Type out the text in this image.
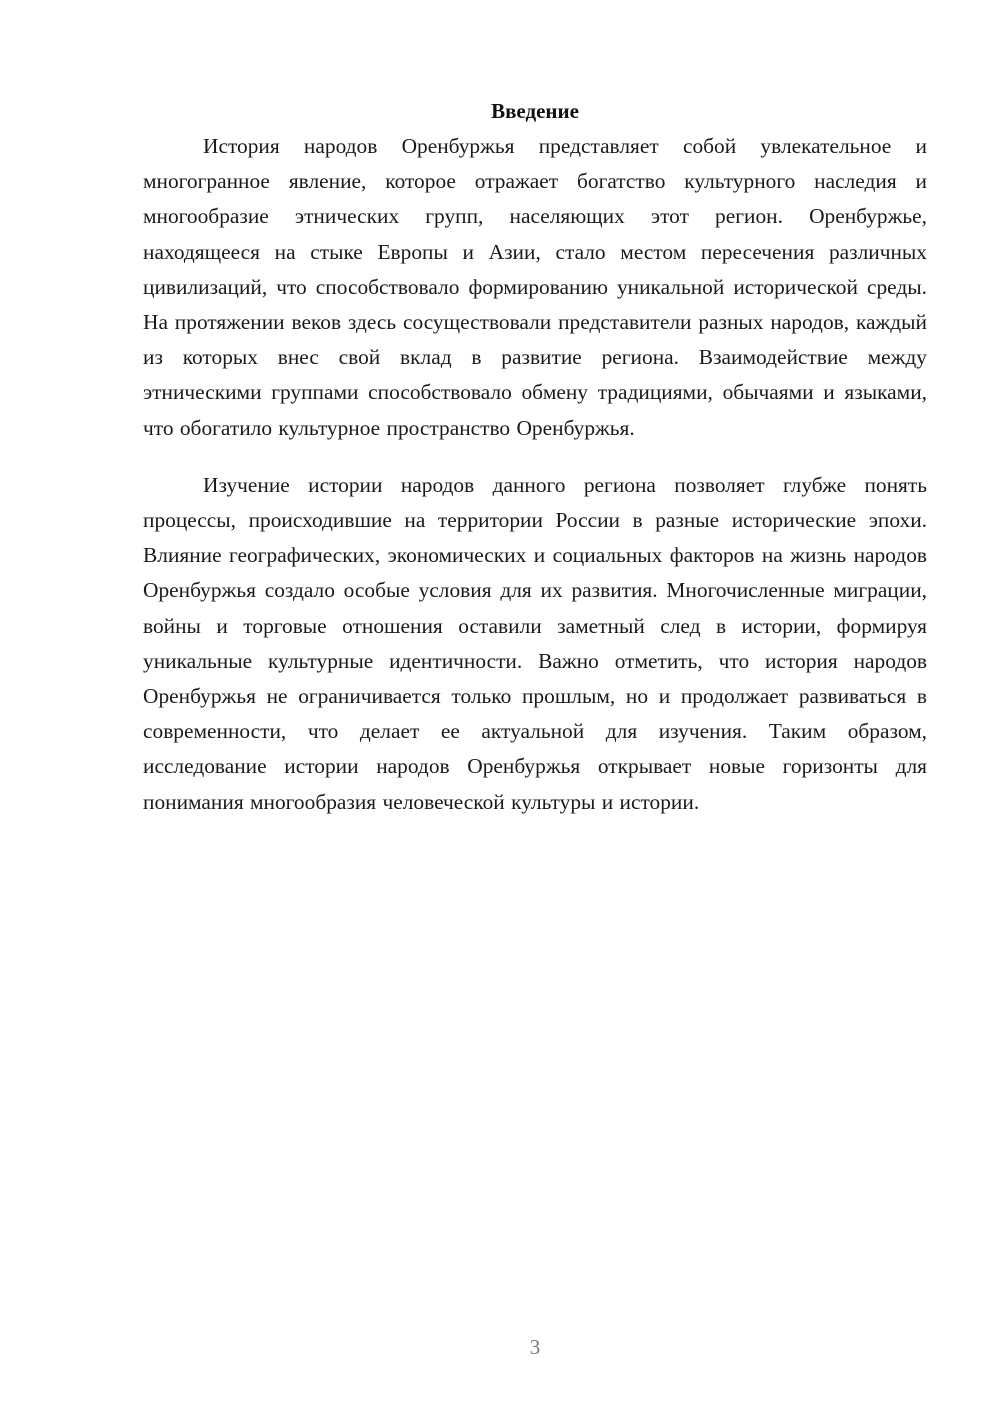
Введение

История народов Оренбуржья представляет собой увлекательное и многогранное явление, которое отражает богатство культурного наследия и многообразие этнических групп, населяющих этот регион. Оренбуржье, находящееся на стыке Европы и Азии, стало местом пересечения различных цивилизаций, что способствовало формированию уникальной исторической среды. На протяжении веков здесь сосуществовали представители разных народов, каждый из которых внес свой вклад в развитие региона. Взаимодействие между этническими группами способствовало обмену традициями, обычаями и языками, что обогатило культурное пространство Оренбуржья.

Изучение истории народов данного региона позволяет глубже понять процессы, происходившие на территории России в разные исторические эпохи. Влияние географических, экономических и социальных факторов на жизнь народов Оренбуржья создало особые условия для их развития. Многочисленные миграции, войны и торговые отношения оставили заметный след в истории, формируя уникальные культурные идентичности. Важно отметить, что история народов Оренбуржья не ограничивается только прошлым, но и продолжает развиваться в современности, что делает ее актуальной для изучения. Таким образом, исследование истории народов Оренбуржья открывает новые горизонты для понимания многообразия человеческой культуры и истории.

3
